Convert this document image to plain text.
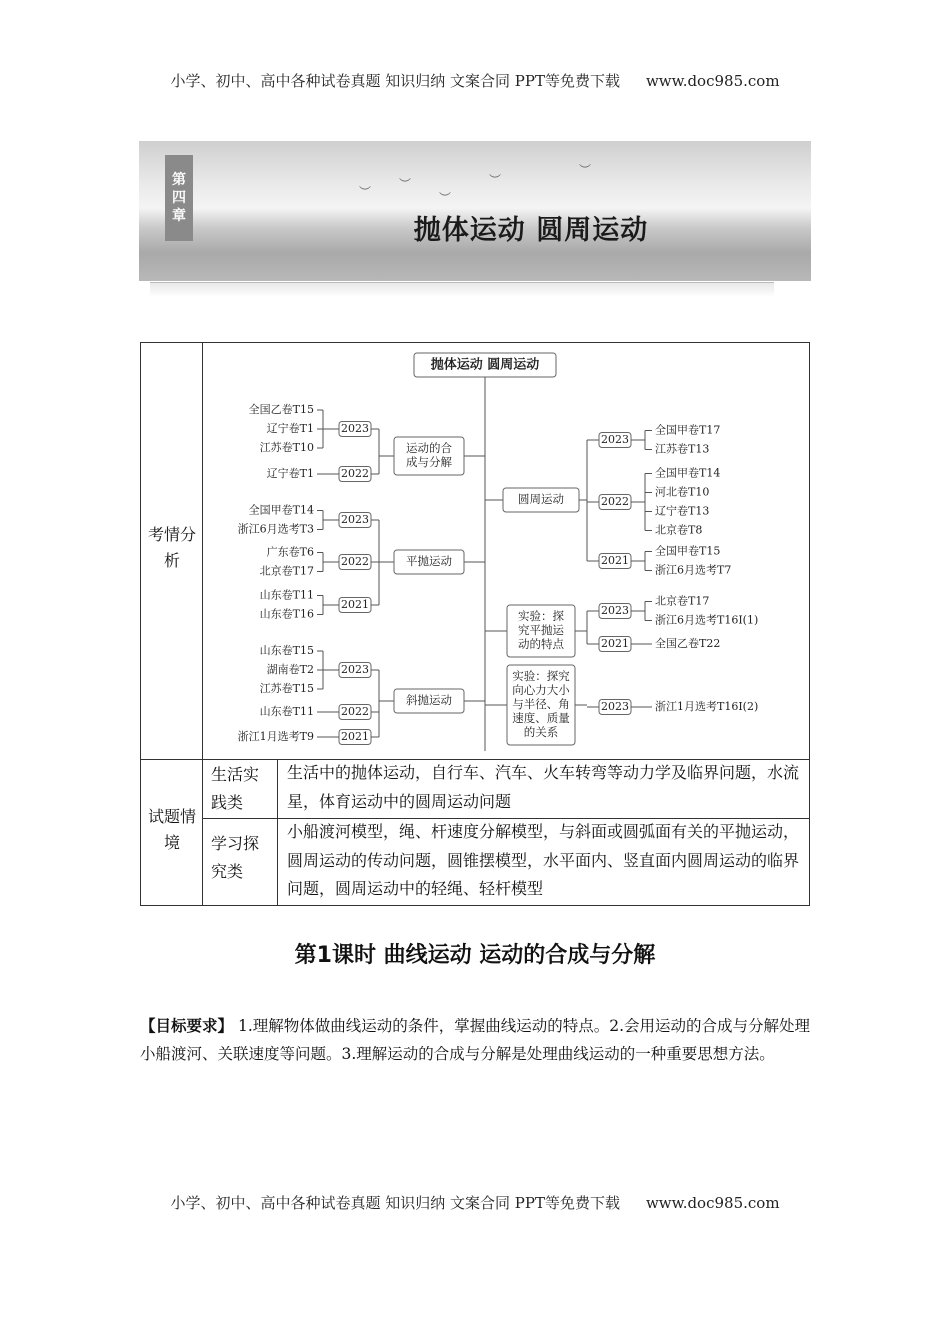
小学、初中、高中各种试卷真题 知识归纳 文案合同 PPT等免费下载 www.doc985.com
︶
︶
︶
︶
︶
第四章	抛体运动 圆周运动
考情分析
试题情境
生活实践类
学习探究类
生活中的抛体运动，自行车、汽车、火车转弯等动力学及临界问题，水流星，体育运动中的圆周运动问题
小船渡河模型，绳、杆速度分解模型，与斜面或圆弧面有关的平抛运动，圆周运动的传动问题，圆锥摆模型，水平面内、竖直面内圆周运动的临界问题，圆周运动中的轻绳、轻杆模型
抛体运动 圆周运动
运动的合
成与分解
2023
全国乙卷T15
辽宁卷T1
江苏卷T10
2022
辽宁卷T1
平抛运动
2023
全国甲卷T14
浙江6月选考T3
2022
广东卷T6
北京卷T17
2021
山东卷T11
山东卷T16
斜抛运动
2023
山东卷T15
湖南卷T2
江苏卷T15
2022
山东卷T11
2021
浙江1月选考T9
圆周运动
2023
全国甲卷T17
江苏卷T13
2022
全国甲卷T14
河北卷T10
辽宁卷T13
北京卷T8
2021
全国甲卷T15
浙江6月选考T7
实验：探
究平抛运
动的特点
2023
北京卷T17
浙江6月选考T16Ⅰ(1)
2021 全国乙卷T22
实验：探究
向心力大小
与半径、角
速度、质量
的关系
2023 浙江1月选考T16Ⅰ(2)
第1课时 曲线运动 运动的合成与分解
【目标要求】 1.理解物体做曲线运动的条件，掌握曲线运动的特点。2.会用运动的合成与分解处理小船渡河、关联速度等问题。3.理解运动的合成与分解是处理曲线运动的一种重要思想方法。
小学、初中、高中各种试卷真题 知识归纳 文案合同 PPT等免费下载 www.doc985.com
